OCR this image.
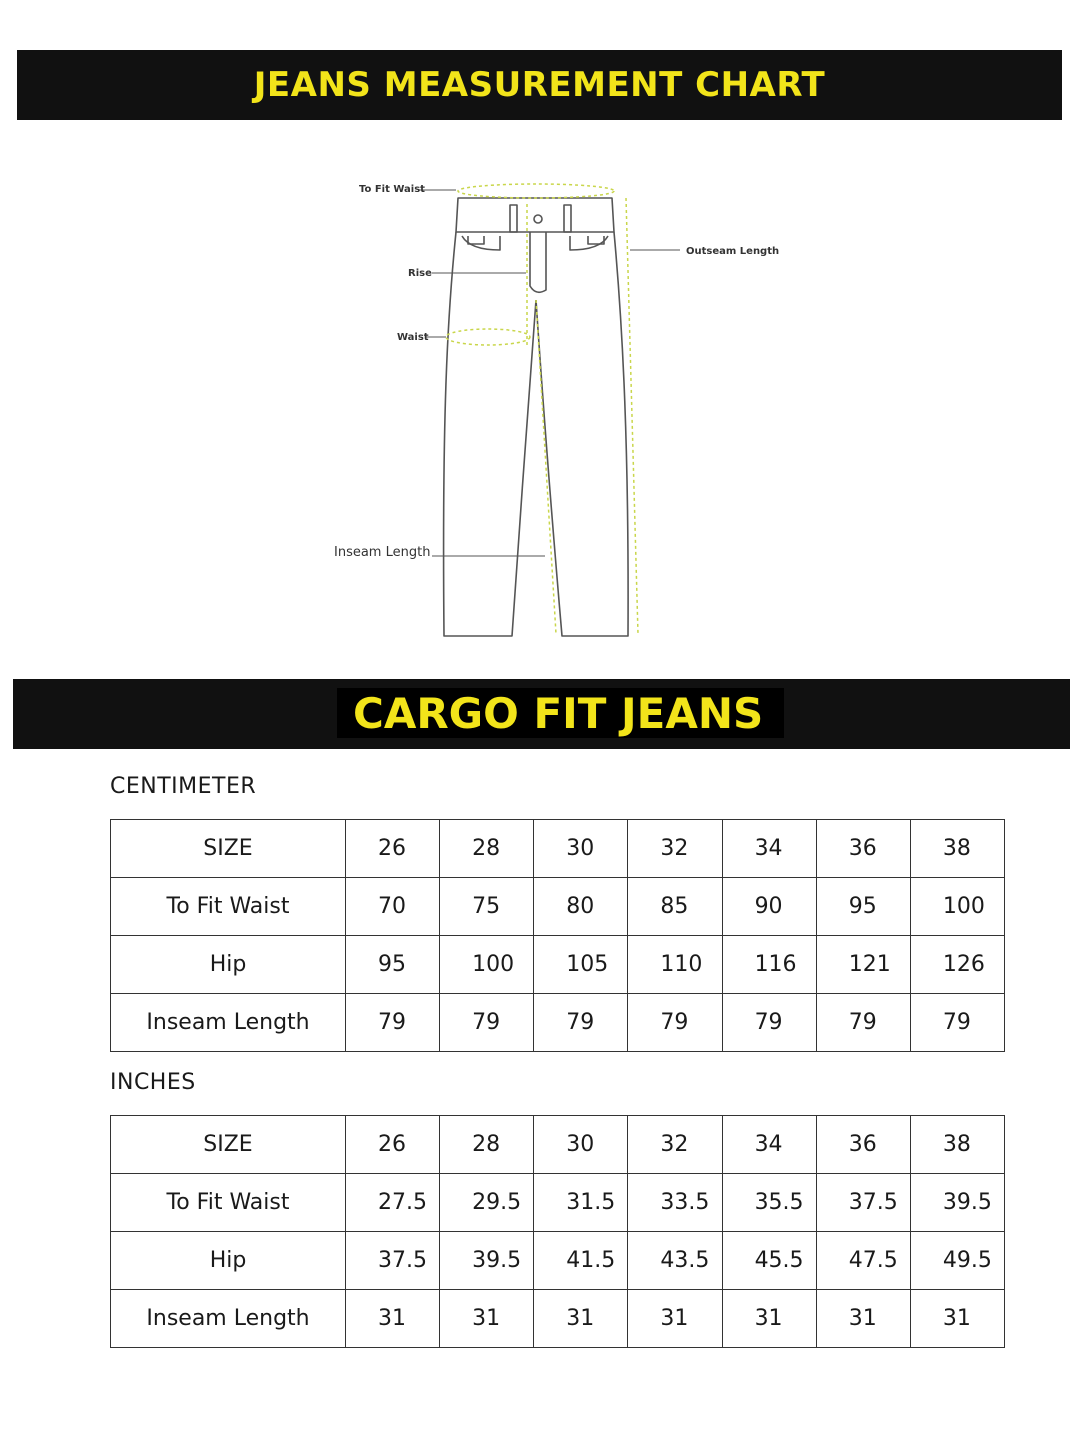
JEANS MEASUREMENT CHART
To Fit Waist
Rise
Waist
Outseam Length
Inseam Length
CARGO FIT JEANS
CENTIMETER
SIZE	26	28	30	32	34	36	38
To Fit Waist	70	75	80	85	90	95	100
Hip	95	100	105	110	116	121	126
Inseam Length	79	79	79	79	79	79	79
INCHES
SIZE	26	28	30	32	34	36	38
To Fit Waist	27.5	29.5	31.5	33.5	35.5	37.5	39.5
Hip	37.5	39.5	41.5	43.5	45.5	47.5	49.5
Inseam Length	31	31	31	31	31	31	31
